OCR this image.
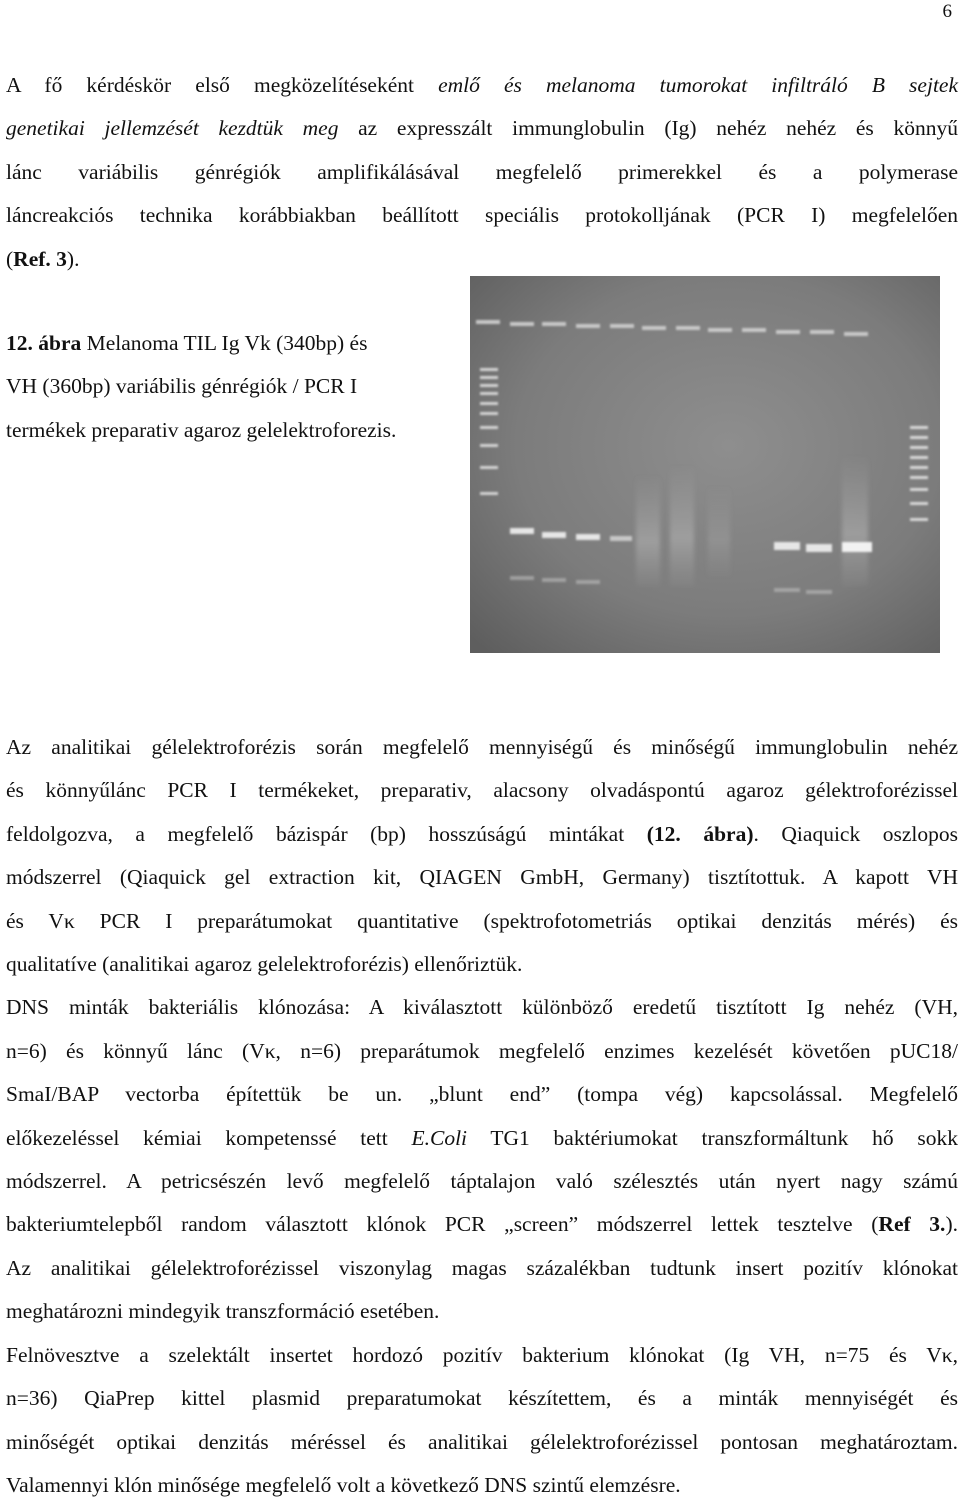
6

A fő kérdéskör első megközelítéseként emlő és melanoma tumorokat infiltráló B sejtek
genetikai jellemzését kezdtük meg az expresszált immunglobulin (Ig) nehéz nehéz és könnyű
lánc variábilis génrégiók amplifikálásával megfelelő primerekkel és a polymerase
láncreakciós technika korábbiakban beállított speciális protokolljának (PCR I) megfelelően
(Ref. 3).

12. ábra Melanoma TIL Ig Vk (340bp) és
VH (360bp) variábilis génrégiók / PCR I
termékek preparativ agaroz gelelektroforezis.

Az analitikai gélelektroforézis során megfelelő mennyiségű és minőségű immunglobulin nehéz
és könnyűlánc PCR I termékeket, preparativ, alacsony olvadáspontú agaroz gélektroforézissel
feldolgozva, a megfelelő bázispár (bp) hosszúságú mintákat (12. ábra). Qiaquick oszlopos
módszerrel (Qiaquick gel extraction kit, QIAGEN GmbH, Germany) tisztítottuk. A kapott VH
és Vκ PCR I preparátumokat quantitative (spektrofotometriás optikai denzitás mérés) és
qualitatíve (analitikai agaroz gelelektroforézis) ellenőriztük.
DNS minták bakteriális klónozása: A kiválasztott különböző eredetű tisztított Ig nehéz (VH,
n=6) és könnyű lánc (Vκ, n=6) preparátumok megfelelő enzimes kezelését követően pUC18/
SmaI/BAP vectorba építettük be un. „blunt end” (tompa vég) kapcsolással. Megfelelő
előkezeléssel kémiai kompetenssé tett E.Coli TG1 baktériumokat transzformáltunk hő sokk
módszerrel. A petricsészén levő megfelelő táptalajon való szélesztés után nyert nagy számú
bakteriumtelepből random választott klónok PCR „screen” módszerrel lettek tesztelve (Ref 3.).
Az analitikai gélelektroforézissel viszonylag magas százalékban tudtunk insert pozitív klónokat
meghatározni mindegyik transzformáció esetében.
Felnövesztve a szelektált insertet hordozó pozitív bakterium klónokat (Ig VH, n=75 és Vκ,
n=36) QiaPrep kittel plasmid preparatumokat készítettem, és a minták mennyiségét és
minőségét optikai denzitás méréssel és analitikai gélelektroforézissel pontosan meghatároztam.
Valamennyi klón minősége megfelelő volt a következő DNS szintű elemzésre.
